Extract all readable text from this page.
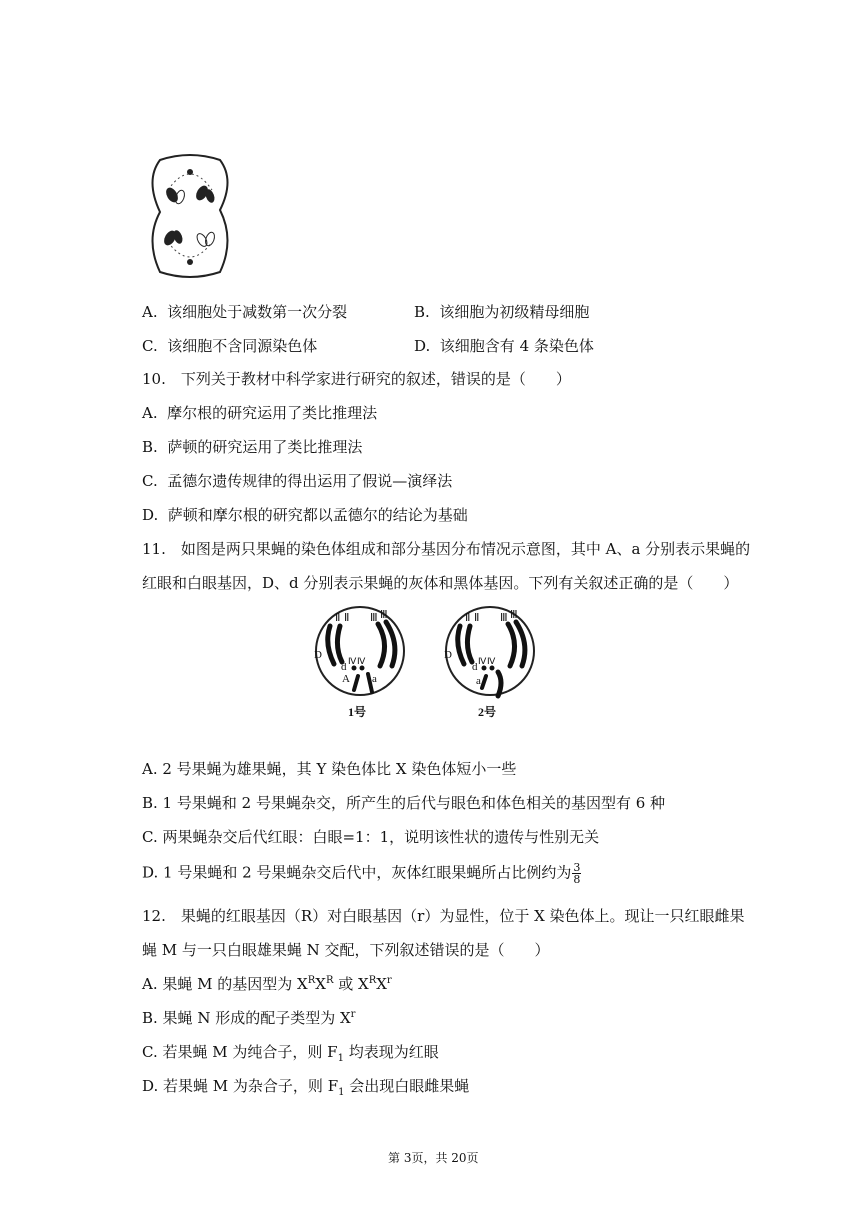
A.  该细胞处于减数第一次分裂	B.  该细胞为初级精母细胞
C.  该细胞不含同源染色体	D.  该细胞含有 4 条染色体
10.　下列关于教材中科学家进行研究的叙述，错误的是（　　）
A.  摩尔根的研究运用了类比推理法
B.  萨顿的研究运用了类比推理法
C.  孟德尔遗传规律的得出运用了假说—演绎法
D.  萨顿和摩尔根的研究都以孟德尔的结论为基础
11.　如图是两只果蝇的染色体组成和部分基因分布情况示意图，其中 A、a 分别表示果蝇的
红眼和白眼基因，D、d 分别表示果蝇的灰体和黑体基因。下列有关叙述正确的是（　　）
Ⅱ Ⅱ Ⅲ Ⅲ
Ⅳ Ⅳ
D
d
A a
1号
Ⅱ Ⅱ Ⅲ Ⅲ
Ⅳ Ⅳ
D
d
a
2号
A. 2 号果蝇为雄果蝇，其 Y 染色体比 X 染色体短小一些
B. 1 号果蝇和 2 号果蝇杂交，所产生的后代与眼色和体色相关的基因型有 6 种
C. 两果蝇杂交后代红眼：白眼=1：1，说明该性状的遗传与性别无关
D. 1 号果蝇和 2 号果蝇杂交后代中，灰体红眼果蝇所占比例约为 $\frac{3}{8}$
12.　果蝇的红眼基因（R）对白眼基因（r）为显性，位于 X 染色体上。现让一只红眼雌果
蝇 M 与一只白眼雄果蝇 N 交配，下列叙述错误的是（　　）
A. 果蝇 M 的基因型为 $X^RX^R$ 或 $X^RX^r$
B. 果蝇 N 形成的配子类型为 $X^r$
C. 若果蝇 M 为纯合子，则 $F_1$ 均表现为红眼
D. 若果蝇 M 为杂合子，则 $F_1$ 会出现白眼雌果蝇
第 3页，共 20页
